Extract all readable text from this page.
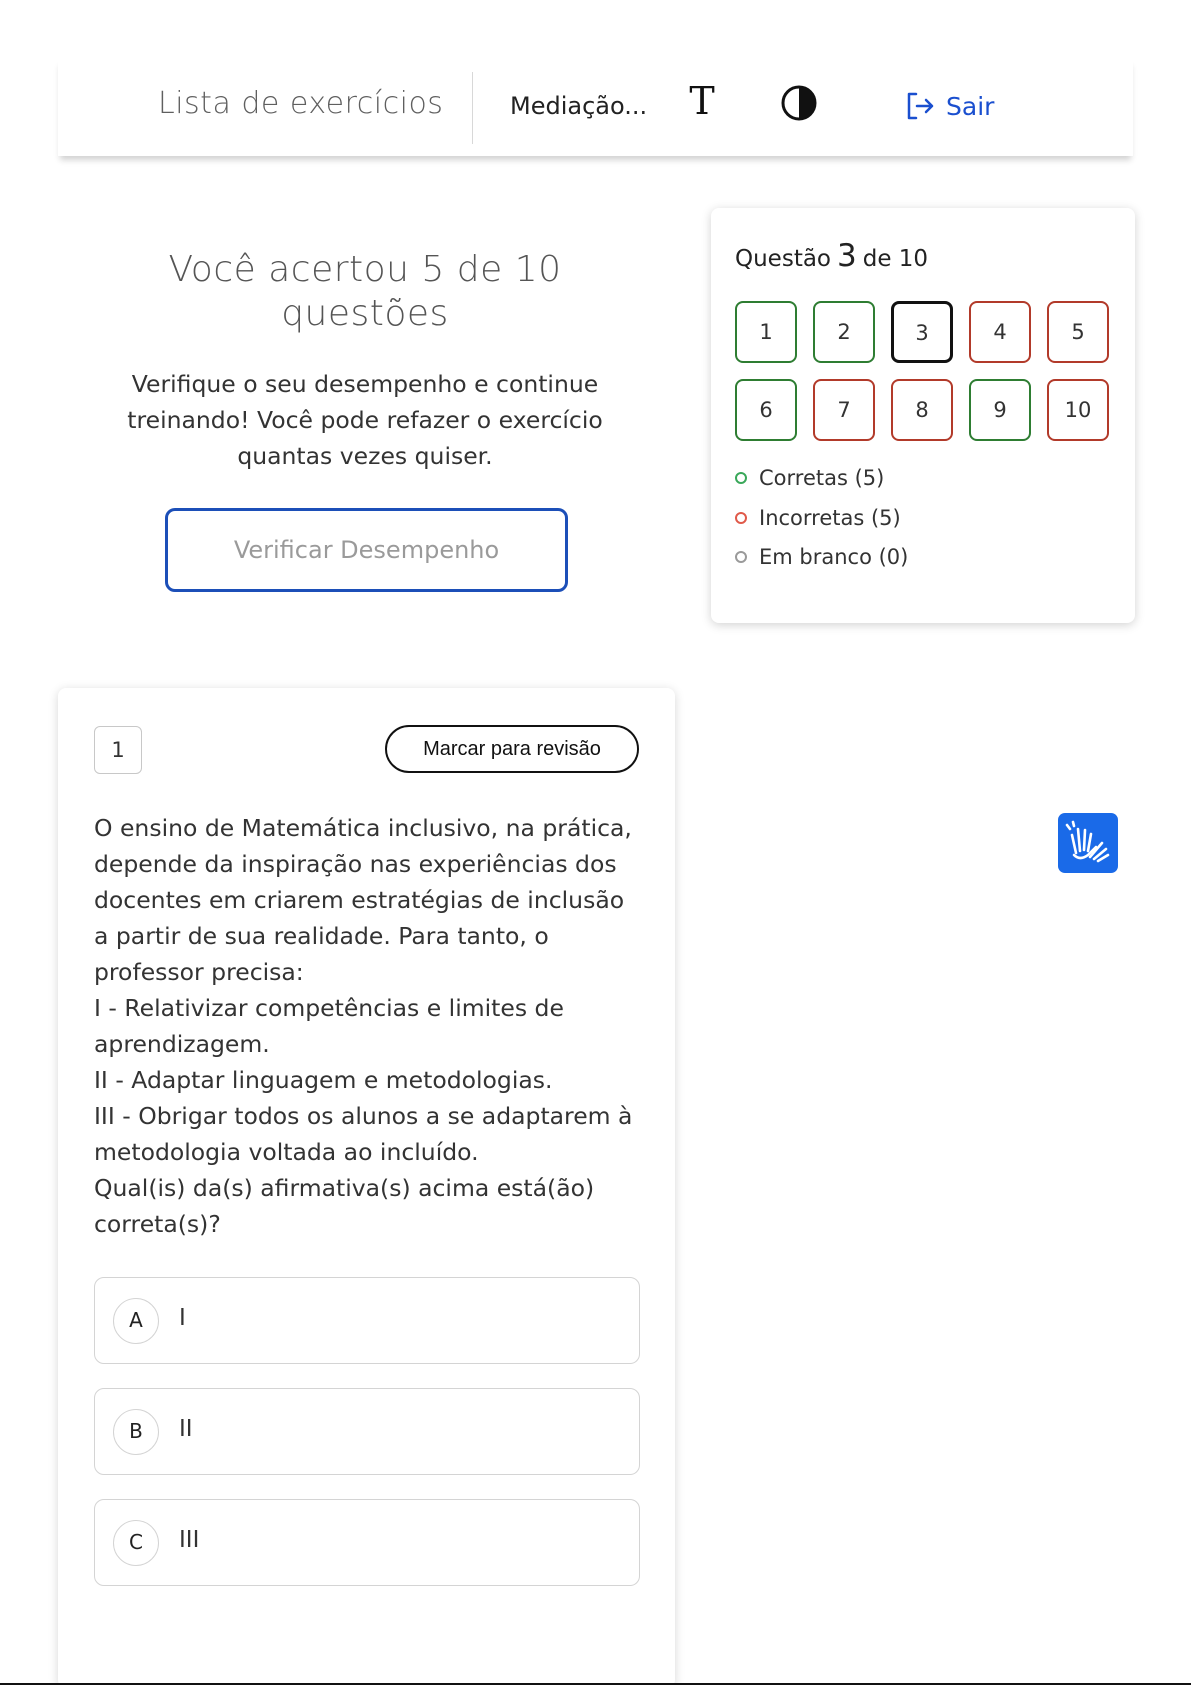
Lista de exercícios	Mediação... T	Sair
Você acertou 5 de 10 questões
Verifique o seu desempenho e continue treinando! Você pode refazer o exercício quantas vezes quiser.
Verificar Desempenho
Questão 3 de 10
1	2	3	4	5
6	7	8	9	10
Corretas (5)
Incorretas (5)
Em branco (0)
1	Marcar para revisão

O ensino de Matemática inclusivo, na prática, depende da inspiração nas experiências dos docentes em criarem estratégias de inclusão a partir de sua realidade. Para tanto, o professor precisa:

I - Relativizar competências e limites de aprendizagem.

II - Adaptar linguagem e metodologias.

III - Obrigar todos os alunos a se adaptarem à metodologia voltada ao incluído.

Qual(is) da(s) afirmativa(s) acima está(ão) correta(s)?

A	I
B	II
C	III
